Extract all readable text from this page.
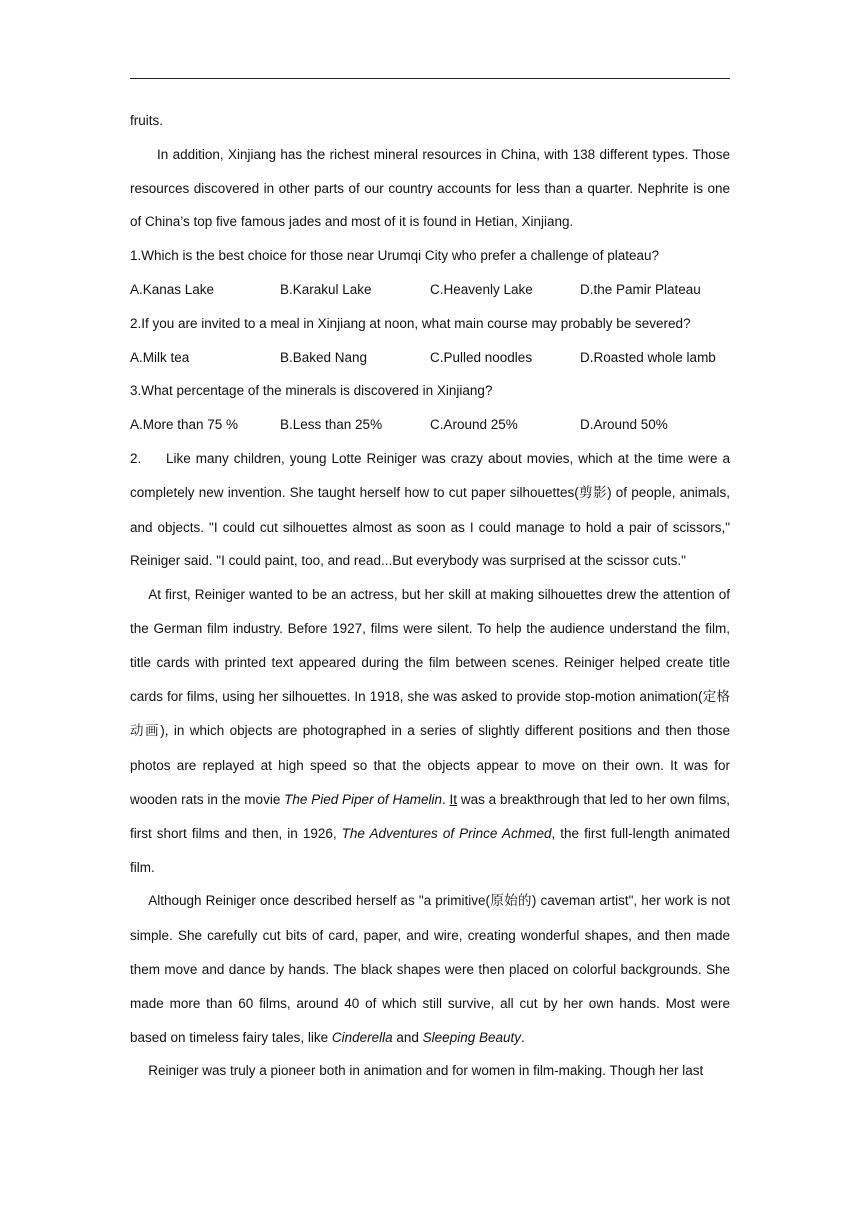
fruits.

In addition, Xinjiang has the richest mineral resources in China, with 138 different types. Those resources discovered in other parts of our country accounts for less than a quarter. Nephrite is one of China’s top five famous jades and most of it is found in Hetian, Xinjiang.

1.Which is the best choice for those near Urumqi City who prefer a challenge of plateau?

A.Kanas Lake	B.Karakul Lake	C.Heavenly Lake	D.the Pamir Plateau

2.If you are invited to a meal in Xinjiang at noon, what main course may probably be severed?

A.Milk tea	B.Baked Nang	C.Pulled noodles	D.Roasted whole lamb

3.What percentage of the minerals is discovered in Xinjiang?

A.More than 75 %	B.Less than 25%	C.Around 25%	D.Around 50%

2. Like many children, young Lotte Reiniger was crazy about movies, which at the time were a completely new invention. She taught herself how to cut paper silhouettes(剪影) of people, animals, and objects. "I could cut silhouettes almost as soon as I could manage to hold a pair of scissors," Reiniger said. "I could paint, too, and read...But everybody was surprised at the scissor cuts."

At first, Reiniger wanted to be an actress, but her skill at making silhouettes drew the attention of the German film industry. Before 1927, films were silent. To help the audience understand the film, title cards with printed text appeared during the film between scenes. Reiniger helped create title cards for films, using her silhouettes. In 1918, she was asked to provide stop-motion animation(定格动画), in which objects are photographed in a series of slightly different positions and then those photos are replayed at high speed so that the objects appear to move on their own. It was for wooden rats in the movie The Pied Piper of Hamelin. It was a breakthrough that led to her own films, first short films and then, in 1926, The Adventures of Prince Achmed, the first full-length animated film.

Although Reiniger once described herself as "a primitive(原始的) caveman artist", her work is not simple. She carefully cut bits of card, paper, and wire, creating wonderful shapes, and then made them move and dance by hands. The black shapes were then placed on colorful backgrounds. She made more than 60 films, around 40 of which still survive, all cut by her own hands. Most were based on timeless fairy tales, like Cinderella and Sleeping Beauty.

Reiniger was truly a pioneer both in animation and for women in film-making. Though her last
